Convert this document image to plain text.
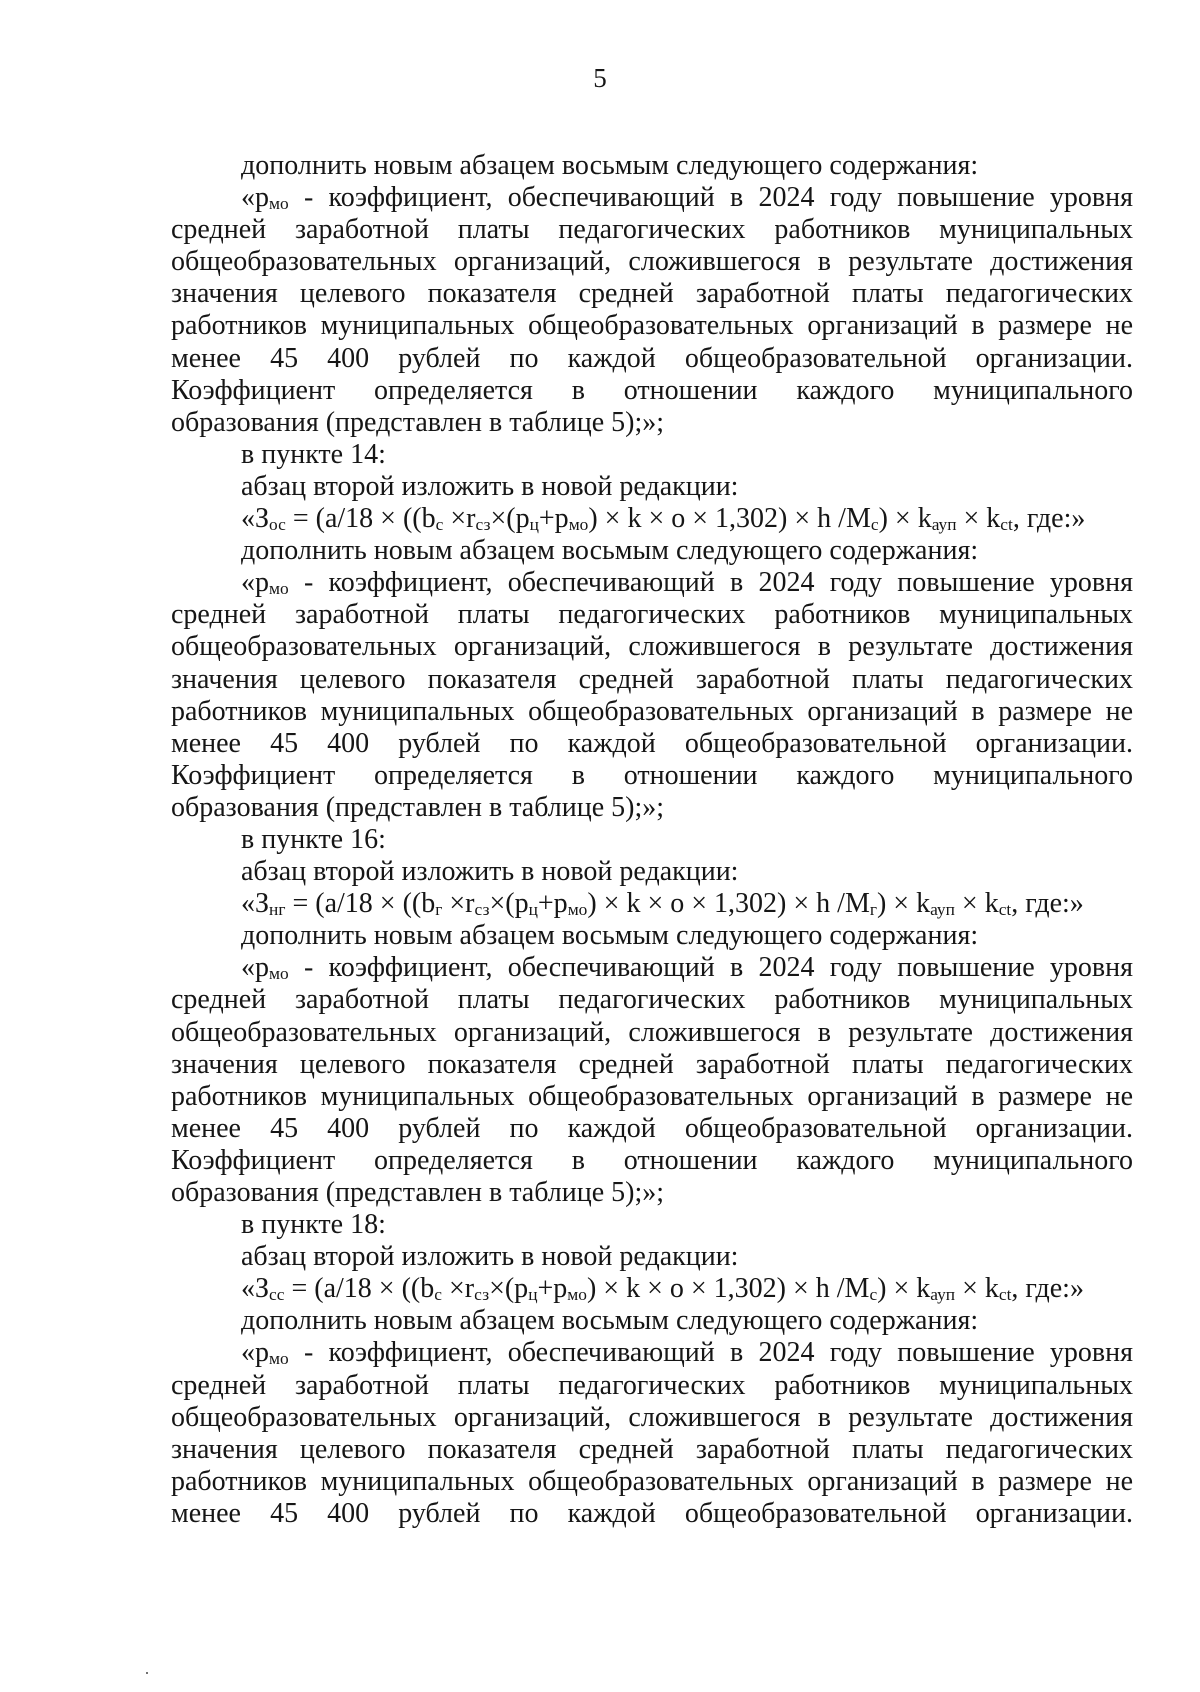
5
дополнить новым абзацем восьмым следующего содержания:
«$p_{мо}$ - коэффициент, обеспечивающий в 2024 году повышение уровня
средней заработной платы педагогических работников муниципальных
общеобразовательных организаций, сложившегося в результате достижения
значения целевого показателя средней заработной платы педагогических
работников муниципальных общеобразовательных организаций в размере не
менее 45 400 рублей по каждой общеобразовательной организации.
Коэффициент определяется в отношении каждого муниципального
образования (представлен в таблице 5);»;
в пункте 14:
абзац второй изложить в новой редакции:
«$З_{ос} = (a/18 \times ((b_с \times r_{сз}\times(p_ц+p_{мо}) \times k \times o \times 1,302) \times h$ $/M_с) \times k_{ауп} \times k_{ct}$, где:»
дополнить новым абзацем восьмым следующего содержания:
«$p_{мо}$ - коэффициент, обеспечивающий в 2024 году повышение уровня
средней заработной платы педагогических работников муниципальных
общеобразовательных организаций, сложившегося в результате достижения
значения целевого показателя средней заработной платы педагогических
работников муниципальных общеобразовательных организаций в размере не
менее 45 400 рублей по каждой общеобразовательной организации.
Коэффициент определяется в отношении каждого муниципального
образования (представлен в таблице 5);»;
в пункте 16:
абзац второй изложить в новой редакции:
«$З_{нг} = (a/18 \times ((b_г \times r_{сз}\times(p_ц+p_{мо}) \times k \times o \times 1,302) \times h$ $/M_г) \times k_{ауп} \times k_{ct}$, где:»
дополнить новым абзацем восьмым следующего содержания:
«$p_{мо}$ - коэффициент, обеспечивающий в 2024 году повышение уровня
средней заработной платы педагогических работников муниципальных
общеобразовательных организаций, сложившегося в результате достижения
значения целевого показателя средней заработной платы педагогических
работников муниципальных общеобразовательных организаций в размере не
менее 45 400 рублей по каждой общеобразовательной организации.
Коэффициент определяется в отношении каждого муниципального
образования (представлен в таблице 5);»;
в пункте 18:
абзац второй изложить в новой редакции:
«$З_{сс} = (a/18 \times ((b_с \times r_{сз}\times(p_ц+p_{мо}) \times k \times o \times 1,302) \times h$ $/M_с) \times k_{ауп} \times k_{ct}$, где:»
дополнить новым абзацем восьмым следующего содержания:
«$p_{мо}$ - коэффициент, обеспечивающий в 2024 году повышение уровня
средней заработной платы педагогических работников муниципальных
общеобразовательных организаций, сложившегося в результате достижения
значения целевого показателя средней заработной платы педагогических
работников муниципальных общеобразовательных организаций в размере не
менее 45 400 рублей по каждой общеобразовательной организации.
